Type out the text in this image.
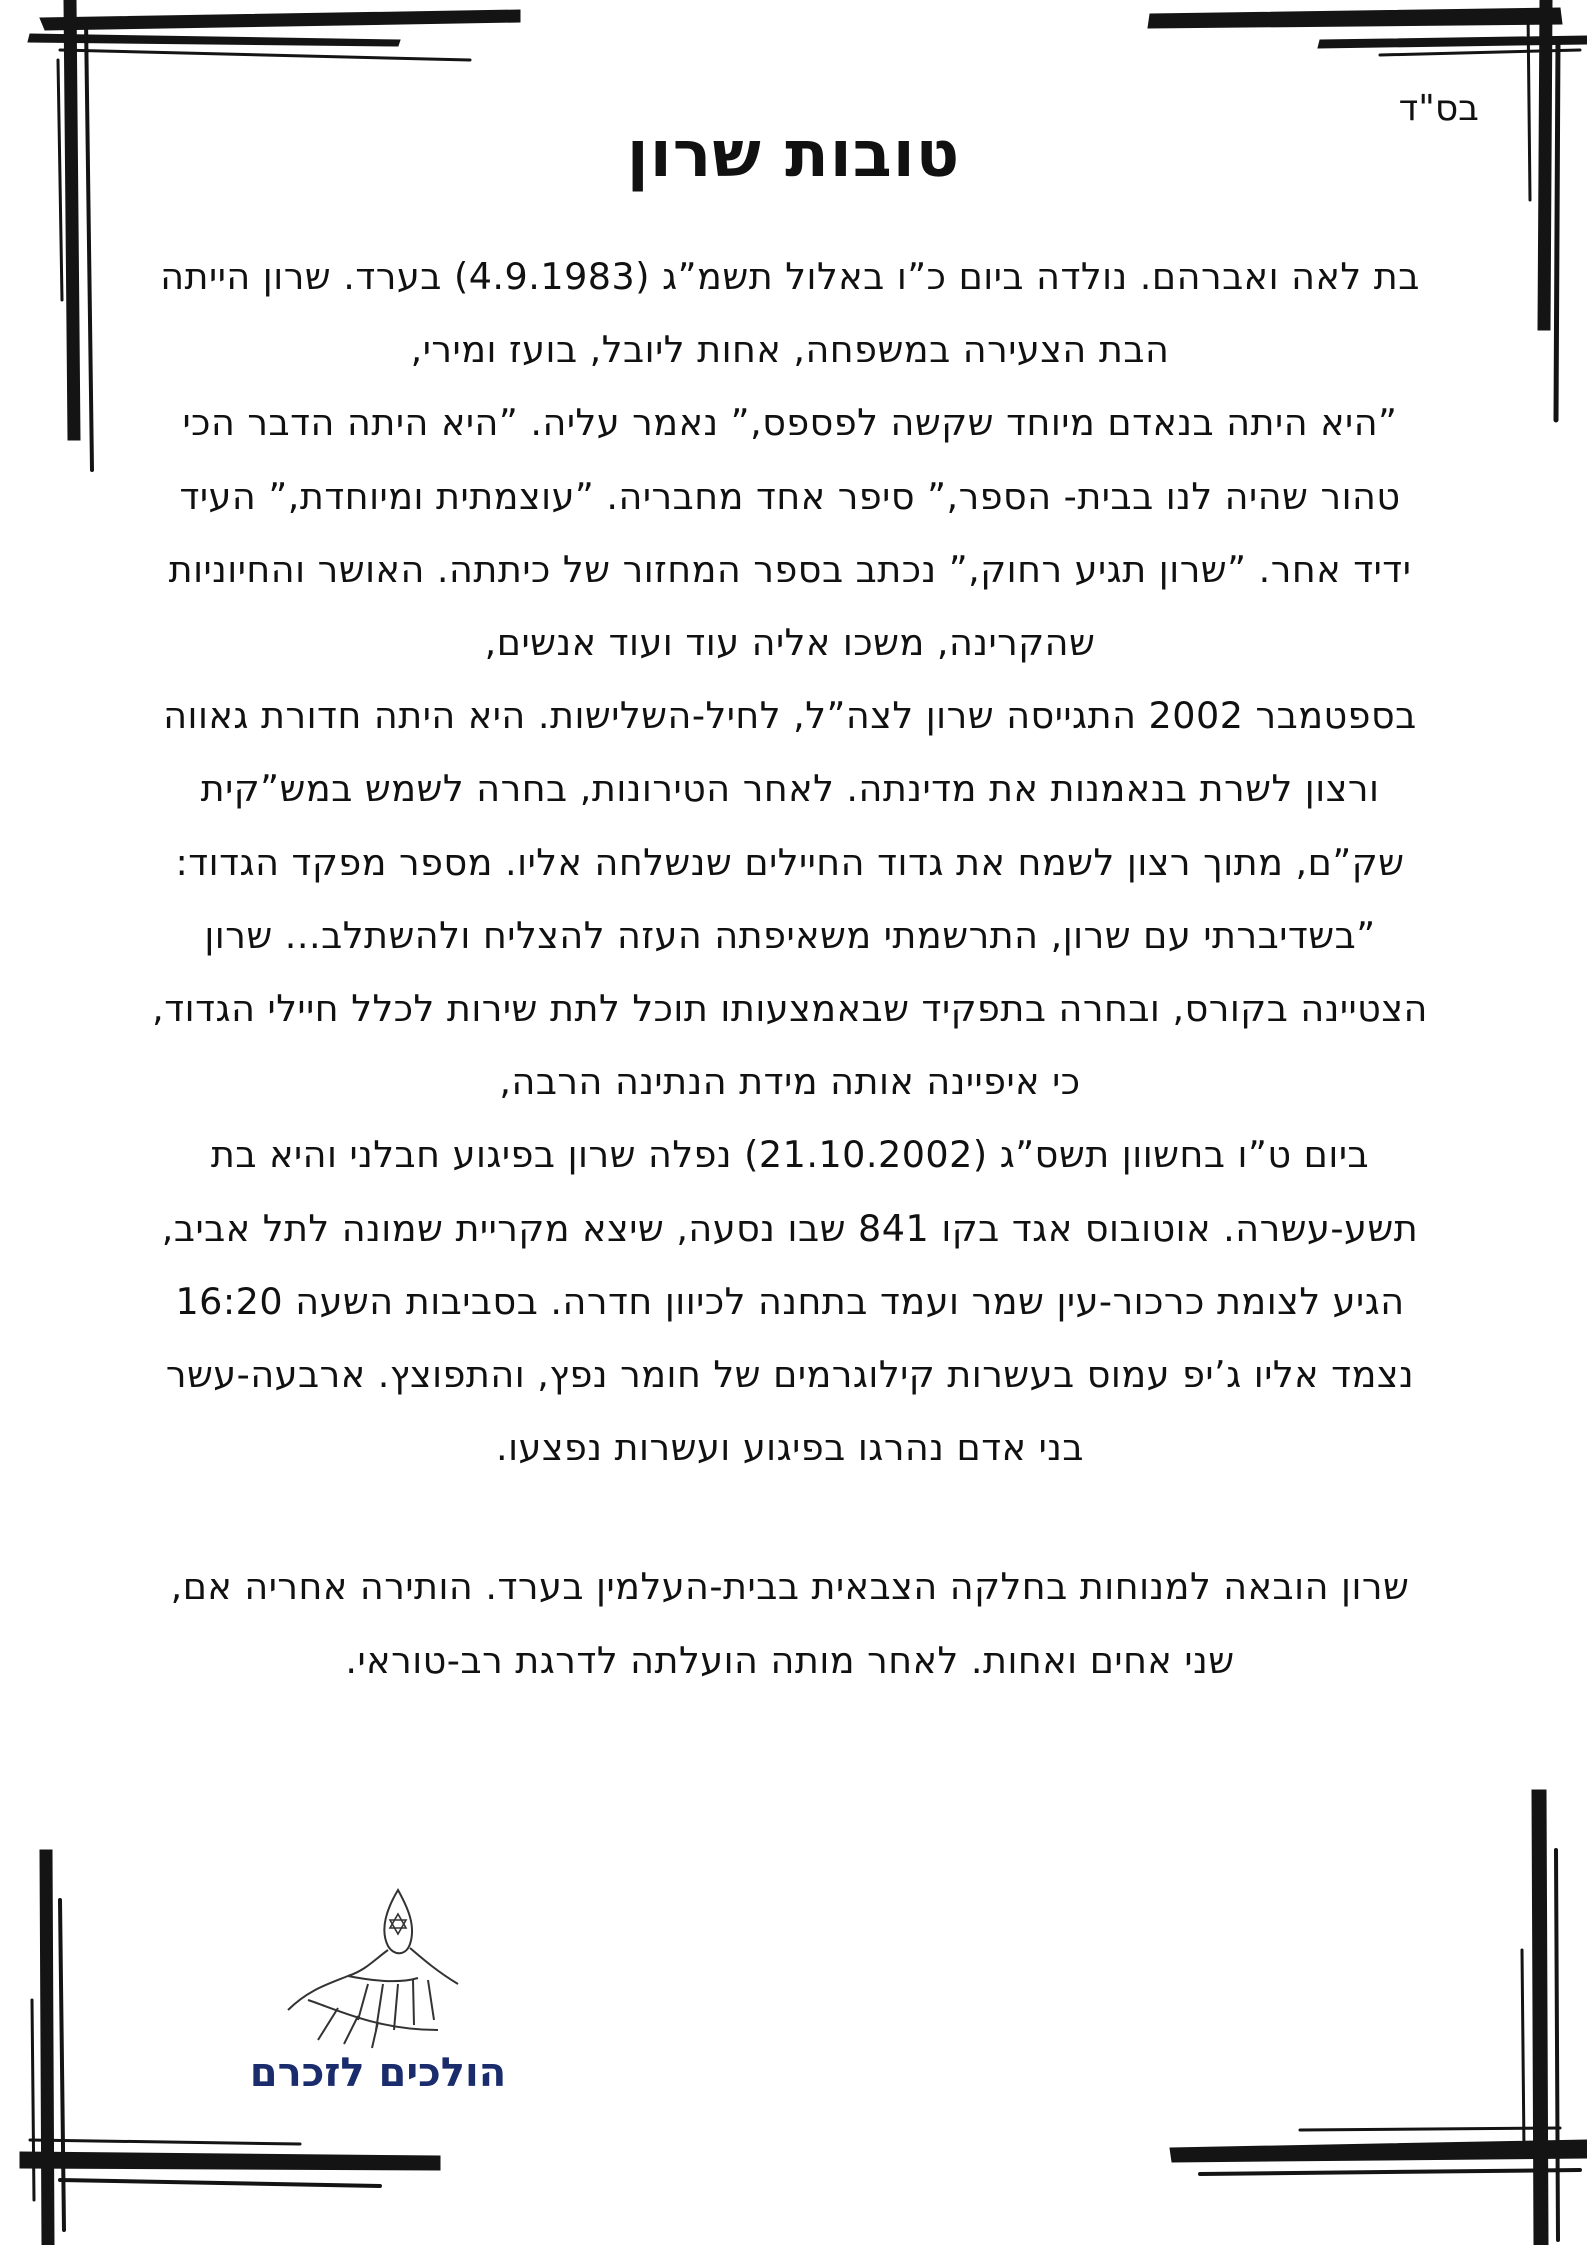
בס"ד
טובות שרון

בת לאה ואברהם. נולדה ביום כ”ו באלול תשמ”ג (4.9.1983) בערד. שרון הייתה הבת הצעירה במשפחה, אחות ליובל, בועז ומירי,

”היא היתה בנאדם מיוחד שקשה לפספס,” נאמר עליה. ”היא היתה הדבר הכי טהור שהיה לנו בבית- הספר,” סיפר אחד מחבריה. ”עוצמתית ומיוחדת,” העיד ידיד אחר. ”שרון תגיע רחוק,” נכתב בספר המחזור של כיתתה. האושר והחיוניות שהקרינה, משכו אליה עוד ועוד אנשים,

בספטמבר 2002 התגייסה שרון לצה”ל, לחיל-השלישות. היא היתה חדורת גאווה ורצון לשרת בנאמנות את מדינתה. לאחר הטירונות, בחרה לשמש במש”קית שק”ם, מתוך רצון לשמח את גדוד החיילים שנשלחה אליו. מספר מפקד הגדוד: ”בשדיברתי עם שרון, התרשמתי משאיפתה העזה להצליח ולהשתלב... שרון הצטיינה בקורס, ובחרה בתפקיד שבאמצעותו תוכל לתת שירות לכלל חיילי הגדוד, כי איפיינה אותה מידת הנתינה הרבה,

ביום ט”ו בחשוון תשס”ג (21.10.2002) נפלה שרון בפיגוע חבלני והיא בת תשע-עשרה. אוטובוס אגד בקו 841 שבו נסעה, שיצא מקריית שמונה לתל אביב, הגיע לצומת כרכור-עין שמר ועמד בתחנה לכיוון חדרה. בסביבות השעה 16:20 נצמד אליו ג’יפ עמוס בעשרות קילוגרמים של חומר נפץ, והתפוצץ. ארבעה-עשר בני אדם נהרגו בפיגוע ועשרות נפצעו.

שרון הובאה למנוחות בחלקה הצבאית בבית-העלמין בערד. הותירה אחריה אם, שני אחים ואחות. לאחר מותה הועלתה לדרגת רב-טוראי.

הולכים לזכרם
